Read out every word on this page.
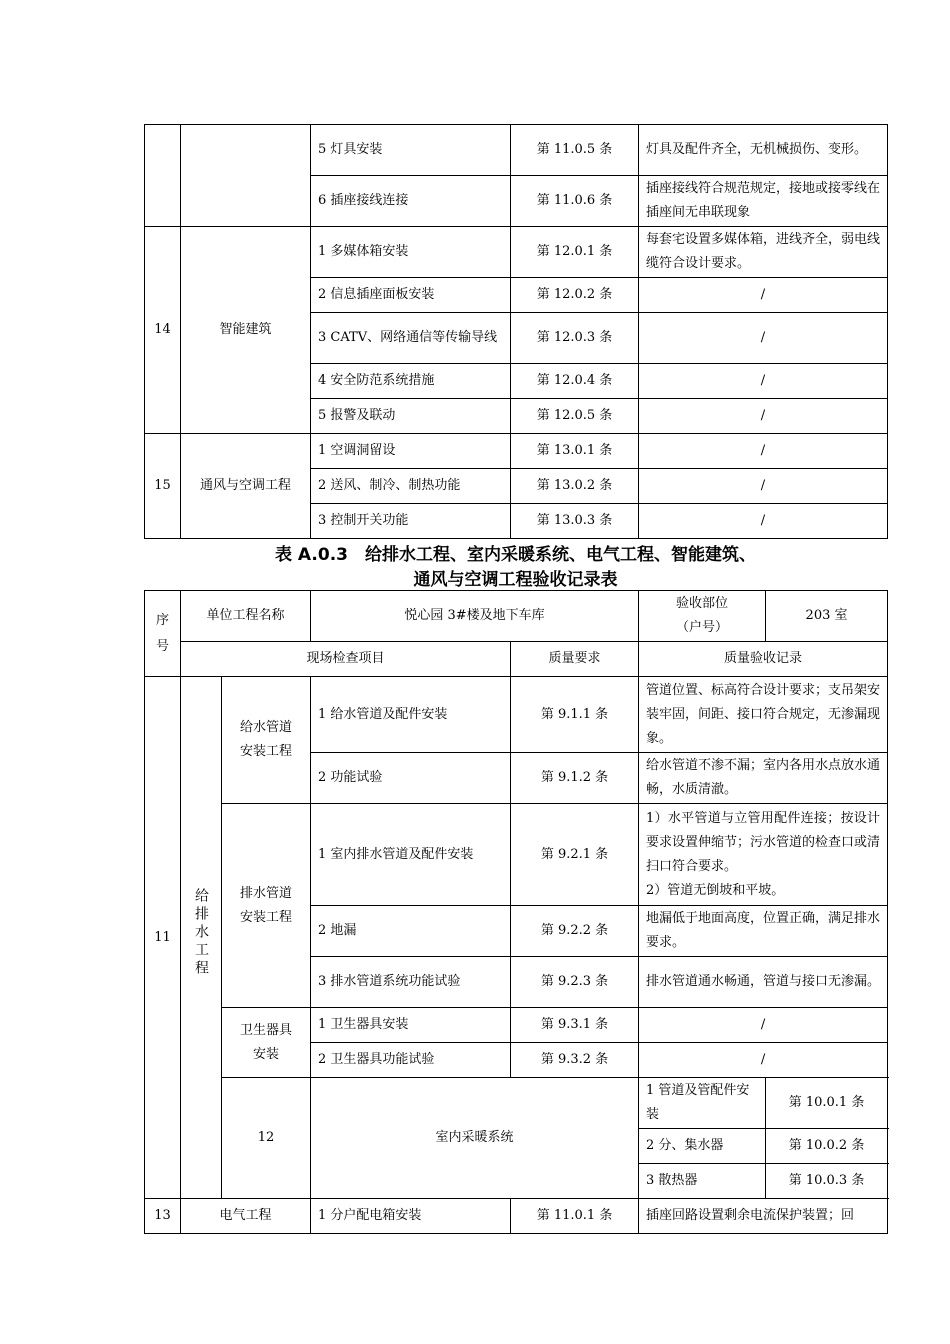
		5 灯具安装	第 11.0.5 条	灯具及配件齐全，无机械损伤、变形。
		6 插座接线连接	第 11.0.6 条	插座接线符合规范规定，接地或接零线在插座间无串联现象
14	智能建筑	1 多媒体箱安装	第 12.0.1 条	每套宅设置多媒体箱，进线齐全，弱电线缆符合设计要求。
		2 信息插座面板安装	第 12.0.2 条	/
		3 CATV、网络通信等传输导线	第 12.0.3 条	/
		4 安全防范系统措施	第 12.0.4 条	/
		5 报警及联动	第 12.0.5 条	/
15	通风与空调工程	1 空调洞留设	第 13.0.1 条	/
		2 送风、制冷、制热功能	第 13.0.2 条	/
		3 控制开关功能	第 13.0.3 条	/
表 A.0.3　给排水工程、室内采暖系统、电气工程、智能建筑、
通风与空调工程验收记录表
序号	单位工程名称		悦心园 3#楼及地下车库		验收部位（户号）	203 室	
	现场检查项目			质量要求	质量验收记录		
11	给排水工程	给水管道安装工程	1 给水管道及配件安装	第 9.1.1 条	管道位置、标高符合设计要求；支吊架安装牢固，间距、接口符合规定，无渗漏现象。		
			2 功能试验	第 9.1.2 条	给水管道不渗不漏；室内各用水点放水通畅，水质清澈。		
		排水管道安装工程	1 室内排水管道及配件安装	第 9.2.1 条	1）水平管道与立管用配件连接；按设计要求设置伸缩节；污水管道的检查口或清扫口符合要求。
2）管道无倒坡和平坡。		

			2 地漏	第 9.2.2 条	地漏低于地面高度，位置正确，满足排水要求。		
			3 排水管道系统功能试验	第 9.2.3 条	排水管道通水畅通，管道与接口无渗漏。		
		卫生器具安装	1 卫生器具安装	第 9.3.1 条	/		
			2 卫生器具功能试验	第 9.3.2 条	/		
		12	室内采暖系统		1 管道及管配件安装	第 10.0.1 条	
					2 分、集水器	第 10.0.2 条	
					3 散热器	第 10.0.3 条	
13	电气工程		1 分户配电箱安装	第 11.0.1 条	插座回路设置剩余电流保护装置；回		
